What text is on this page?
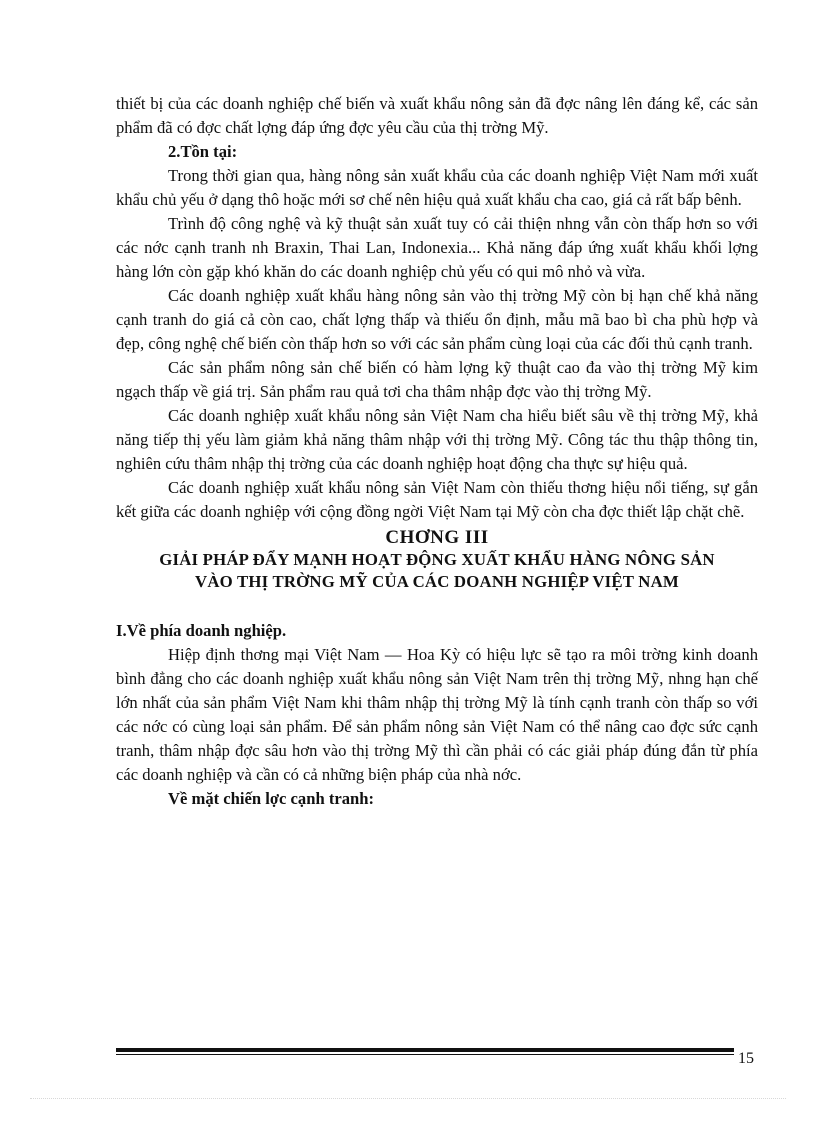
thiết bị của các doanh nghiệp chế biến và xuất khẩu nông sản đã đợc nâng lên đáng kể, các sản phẩm đã có đợc chất lợng đáp ứng đợc yêu cầu của thị trờng Mỹ.

2.Tồn tại:

Trong thời gian qua, hàng nông sản xuất khẩu của các doanh nghiệp Việt Nam mới xuất khẩu chủ yếu ở dạng thô hoặc mới sơ chế nên hiệu quả xuất khẩu cha cao, giá cả rất bấp bênh.

Trình độ công nghệ và kỹ thuật sản xuất tuy có cải thiện nhng vẫn còn thấp hơn so với các nớc cạnh tranh nh Braxin, Thai Lan, Indonexia... Khả năng đáp ứng xuất khẩu khối lợng hàng lớn còn gặp khó khăn do các doanh nghiệp chủ yếu có qui mô nhỏ và vừa.

Các doanh nghiệp xuất khẩu hàng nông sản vào thị trờng Mỹ còn bị hạn chế khả năng cạnh tranh do giá cả còn cao, chất lợng thấp và thiếu ổn định, mẫu mã bao bì cha phù hợp và đẹp, công nghệ chế biến còn thấp hơn so với các sản phẩm cùng loại của các đối thủ cạnh tranh.

Các sản phẩm nông sản chế biến có hàm lợng kỹ thuật cao đa vào thị trờng Mỹ kim ngạch thấp về giá trị. Sản phẩm rau quả tơi cha thâm nhập đợc vào thị trờng Mỹ.

Các doanh nghiệp xuất khẩu nông sản Việt Nam cha hiểu biết sâu về thị trờng Mỹ, khả năng tiếp thị yếu làm giảm khả năng thâm nhập với thị trờng Mỹ. Công tác thu thập thông tin, nghiên cứu thâm nhập thị trờng của các doanh nghiệp hoạt động cha thực sự hiệu quả.

Các doanh nghiệp xuất khẩu nông sản Việt Nam còn thiếu thơng hiệu nổi tiếng, sự gắn kết giữa các doanh nghiệp với cộng đồng ngời Việt Nam tại Mỹ còn cha đợc thiết lập chặt chẽ.

CHƠNG III
GIẢI PHÁP ĐẨY MẠNH HOẠT ĐỘNG XUẤT KHẨU HÀNG NÔNG SẢN
VÀO THỊ TRỜNG MỸ CỦA CÁC DOANH NGHIỆP VIỆT NAM

I.Về phía doanh nghiệp.

Hiệp định thơng mại Việt Nam — Hoa Kỳ có hiệu lực sẽ tạo ra môi trờng kinh doanh bình đẳng cho các doanh nghiệp xuất khẩu nông sản Việt Nam trên thị trờng Mỹ, nhng hạn chế lớn nhất của sản phẩm Việt Nam khi thâm nhập thị trờng Mỹ là tính cạnh tranh còn thấp so với các nớc có cùng loại sản phẩm. Để sản phẩm nông sản Việt Nam có thể nâng cao đợc sức cạnh tranh, thâm nhập đợc sâu hơn vào thị trờng Mỹ thì cần phải có các giải pháp đúng đắn từ phía các doanh nghiệp và cần có cả những biện pháp của nhà nớc.

Về mặt chiến lợc cạnh tranh:

15
